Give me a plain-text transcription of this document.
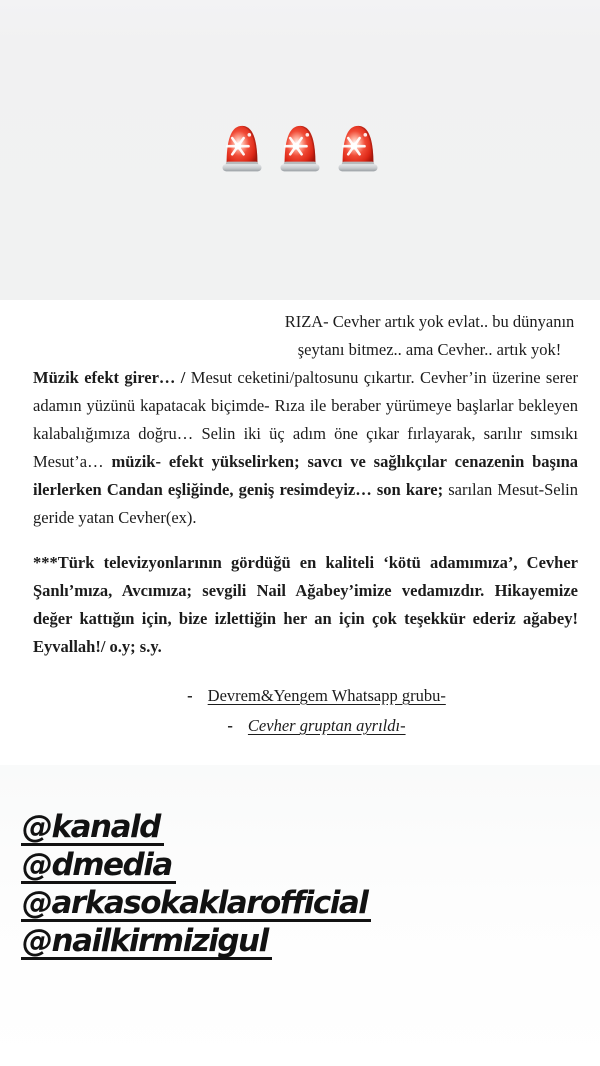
RIZA- Cevher artık yok evlat.. bu dünyanın
şeytanı bitmez.. ama Cevher.. artık yok!

Müzik efekt girer… / Mesut ceketini/paltosunu çıkartır. Cevher’in üzerine serer adamın yüzünü kapatacak biçimde- Rıza ile beraber yürümeye başlarlar bekleyen kalabalığımıza doğru… Selin iki üç adım öne çıkar fırlayarak, sarılır sımsıkı Mesut’a… müzik- efekt yükselirken; savcı ve sağlıkçılar cenazenin başına ilerlerken Candan eşliğinde, geniş resimdeyiz… son kare; sarılan Mesut-Selin geride yatan Cevher(ex).

***Türk televizyonlarının gördüğü en kaliteli ‘kötü adamımıza’, Cevher Şanlı’mıza, Avcımıza; sevgili Nail Ağabey’imize vedamızdır. Hikayemize değer kattığın için, bize izlettiğin her an için çok teşekkür ederiz ağabey! Eyvallah!/ o.y; s.y.

- Devrem&Yengem Whatsapp grubu-
- Cevher gruptan ayrıldı-
@kanald
@dmedia
@arkasokaklarofficial
@nailkirmizigul
